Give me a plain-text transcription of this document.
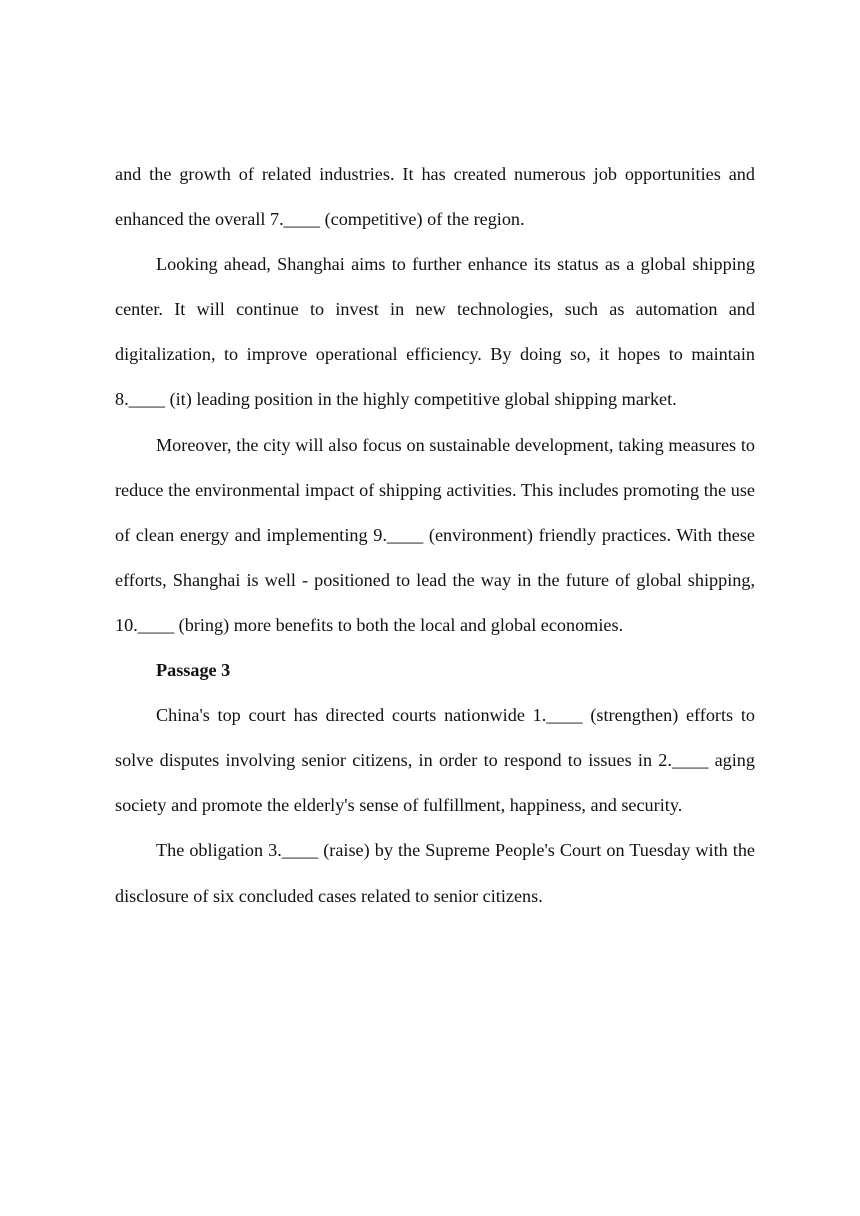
and the growth of related industries. It has created numerous job opportunities and enhanced the overall 7.____ (competitive) of the region.

Looking ahead, Shanghai aims to further enhance its status as a global shipping center. It will continue to invest in new technologies, such as automation and digitalization, to improve operational efficiency. By doing so, it hopes to maintain 8.____ (it) leading position in the highly competitive global shipping market.

Moreover, the city will also focus on sustainable development, taking measures to reduce the environmental impact of shipping activities. This includes promoting the use of clean energy and implementing 9.____ (environment) friendly practices. With these efforts, Shanghai is well - positioned to lead the way in the future of global shipping, 10.____ (bring) more benefits to both the local and global economies.

Passage 3

China's top court has directed courts nationwide 1.____ (strengthen) efforts to solve disputes involving senior citizens, in order to respond to issues in 2.____ aging society and promote the elderly's sense of fulfillment, happiness, and security.

The obligation 3.____ (raise) by the Supreme People's Court on Tuesday with the disclosure of six concluded cases related to senior citizens.
